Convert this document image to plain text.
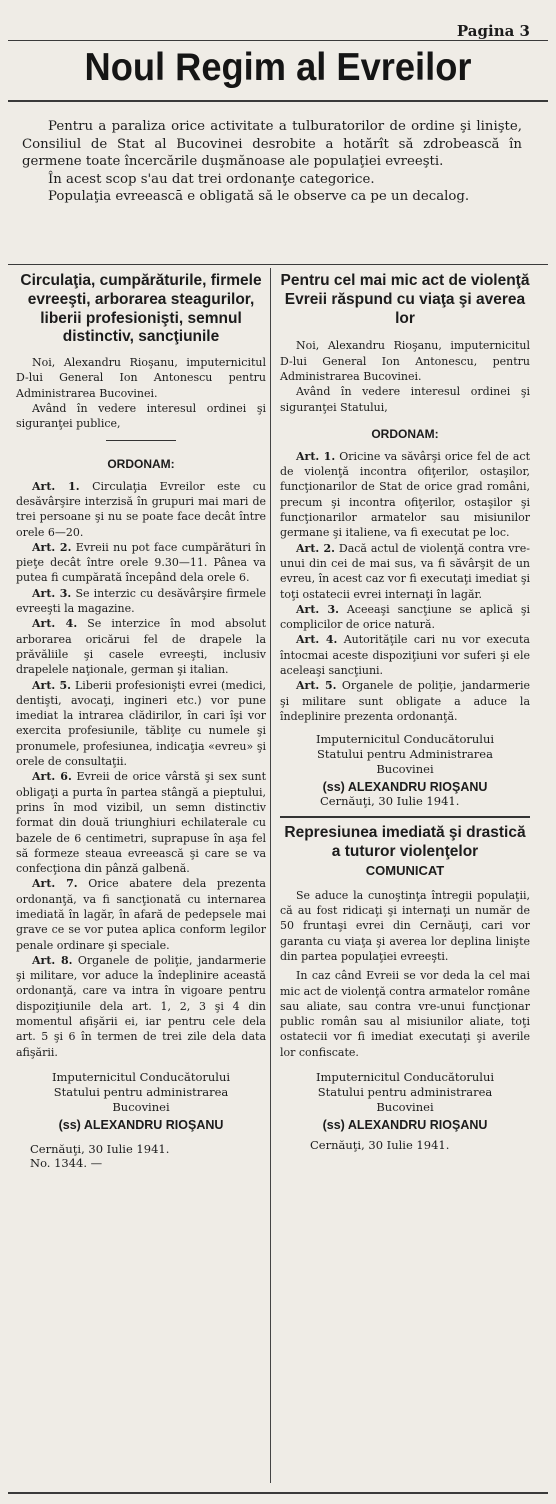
Pagina 3
Noul Regim al Evreilor

Pentru a paraliza orice activitate a tulburatorilor de ordine şi linişte, Consiliul de Stat al Bucovinei desrobite a hotărît să zdrobească în germene toate încercările duşmănoase ale populaţiei evreeşti.

În acest scop s'au dat trei ordonanţe categorice.

Populaţia evreeascā e obligată să le observe ca pe un decalog.

Circulaţia, cumpărăturile, firmele evreeşti, arborarea steagurilor, liberii profesionişti, semnul distinctiv, sancţiunile

Noi, Alexandru Rioşanu, imputernicitul D-lui General Ion Antonescu pentru Administrarea Bucovinei.

Având în vedere interesul ordinei şi siguranţei publice,

ORDONAM:

Art. 1. Circulaţia Evreilor este cu desăvârşire interzisă în grupuri mai mari de trei persoane şi nu se poate face decât între orele 6—20.

Art. 2. Evreii nu pot face cumpărături în pieţe decât între orele 9.30—11. Pânea va putea fi cumpărată începând dela orele 6.

Art. 3. Se interzic cu desăvârşire firmele evreeşti la magazine.

Art. 4. Se interzice în mod absolut arborarea oricărui fel de drapele la prăvăliile şi casele evreeşti, inclusiv drapelele naţionale, german şi italian.

Art. 5. Liberii profesionişti evrei (medici, dentişti, avocaţi, ingineri etc.) vor pune imediat la intrarea clădirilor, în cari îşi vor exercita profesiunile, tăbliţe cu numele şi pronumele, profesiunea, indicaţia «evreu» şi orele de consultaţii.

Art. 6. Evreii de orice vârstă şi sex sunt obligaţi a purta în partea stângă a pieptului, prins în mod vizibil, un semn distinctiv format din două triunghiuri echilaterale cu bazele de 6 centimetri, suprapuse în aşa fel să formeze steaua evreească şi care se va confecţiona din pânză galbenă.

Art. 7. Orice abatere dela prezenta ordonanţă, va fi sancţionată cu internarea imediată în lagăr, în afară de pedepsele mai grave ce se vor putea aplica conform legilor penale ordinare şi speciale.

Art. 8. Organele de poliţie, jandarmerie şi militare, vor aduce la îndeplinire această ordonanţă, care va intra în vigoare pentru dispoziţiunile dela art. 1, 2, 3 şi 4 din momentul afişării ei, iar pentru cele dela art. 5 şi 6 în termen de trei zile dela data afişării.

Imputernicitul Conducătorului

Statului pentru administrarea

Bucovinei

(ss) ALEXANDRU RIOŞANU

Cernăuţi, 30 Iulie 1941.

No. 1344. —

Pentru cel mai mic act de violenţă

Evreii răspund cu viaţa şi averea lor

Noi, Alexandru Rioşanu, imputernicitul D-lui General Ion Antonescu, pentru Administrarea Bucovinei.

Având în vedere interesul ordinei şi siguranţei Statului,

ORDONAM:

Art. 1. Oricine va săvârşi orice fel de act de violenţă incontra ofiţerilor, ostaşilor, funcţionarilor de Stat de orice grad români, precum şi incontra ofiţerilor, ostaşilor şi funcţionarilor armatelor sau misiunilor germane şi italiene, va fi executat pe loc.

Art. 2. Dacă actul de violenţă contra vre-unui din cei de mai sus, va fi săvârşit de un evreu, în acest caz vor fi executaţi imediat şi toţi ostatecii evrei internaţi în lagăr.

Art. 3. Aceeaşi sancţiune se aplică şi complicilor de orice natură.

Art. 4. Autorităţile cari nu vor executa întocmai aceste dispoziţiuni vor suferi şi ele aceleaşi sancţiuni.

Art. 5. Organele de poliţie, jandarmerie şi militare sunt obligate a aduce la îndeplinire prezenta ordonanţă.

Imputernicitul Conducătorului

Statului pentru Administrarea

Bucovinei

(ss) ALEXANDRU RIOŞANU

Cernăuţi, 30 Iulie 1941.

Represiunea imediată şi drastică a tuturor violenţelor

COMUNICAT

Se aduce la cunoştinţa întregii populaţii, că au fost ridicaţi şi internaţi un număr de 50 fruntaşi evrei din Cernăuţi, cari vor garanta cu viaţa şi averea lor deplina linişte din partea populaţiei evreeşti.

In caz când Evreii se vor deda la cel mai mic act de violenţă contra armatelor române sau aliate, sau contra vre-unui funcţionar public român sau al misiunilor aliate, toţi ostatecii vor fi imediat executaţi şi averile lor confiscate.

Imputernicitul Conducătorului

Statului pentru administrarea

Bucovinei

(ss) ALEXANDRU RIOŞANU

Cernăuţi, 30 Iulie 1941.
